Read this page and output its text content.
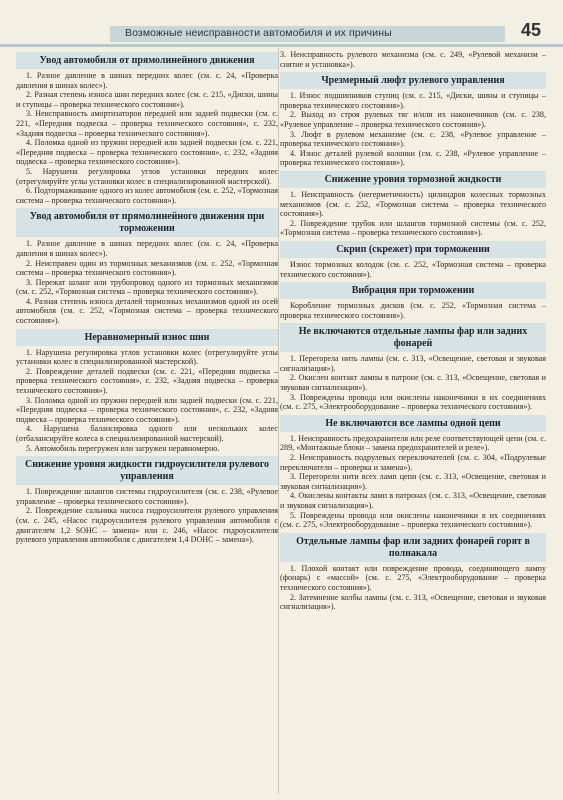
Возможные неисправности автомобиля и их причины	45
Увод автомобиля от прямолинейного движения

1. Разное давление в шинах передних колес (см. с. 24, «Проверка давления в шинах колес»).

2. Разная степень износа шин передних колес (см. с. 215, «Диски, шины и ступицы – проверка технического состояния»).

3. Неисправность амортизаторов передней или задней подвески (см. с. 221, «Передняя подвеска – проверка технического состояния», с. 232, «Задняя подвеска – проверка технического состояния»).

4. Поломка одной из пружин передней или задней подвески (см. с. 221, «Передняя подвеска – проверка технического состояния», с. 232, «Задняя подвеска – проверка технического состояния»).

5. Нарушена регулировка углов установки передних колес (отрегулируйте углы установки колес в специализированной мастерской).

6. Подтормаживание одного из колес автомобиля (см. с. 252, «Тормозная система – проверка технического состояния»).

Увод автомобиля от прямолинейного движения при торможении

1. Разное давление в шинах передних колес (см. с. 24, «Проверка давления в шинах колес»).

2. Неисправен один из тормозных механизмов (см. с. 252, «Тормозная система – проверка технического состояния»).

3. Пережат шланг или трубопровод одного из тормозных механизмов (см. с. 252, «Тормозная система – проверка технического состояния»).

4. Разная степень износа деталей тормозных механизмов одной из осей автомобиля (см. с. 252, «Тормозная система – проверка технического состояния»).

Неравномерный износ шин

1. Нарушена регулировка углов установки колес (отрегулируйте углы установки колес в специализированной мастерской).

2. Повреждение деталей подвески (см. с. 221, «Передняя подвеска – проверка технического состояния», с. 232, «Задняя подвеска – проверка технического состояния»).

3. Поломка одной из пружин передней или задней подвески (см. с. 221, «Передняя подвеска – проверка технического состояния», с. 232, «Задняя подвеска – проверка технического состояния»).

4. Нарушена балансировка одного или нескольких колес (отбалансируйте колеса в специализированной мастерской).

5. Автомобиль перегружен или загружен неравномерно.

Снижение уровня жидкости гидроусилителя рулевого управления

1. Повреждение шлангов системы гидроусилителя (см. с. 238, «Рулевое управление – проверка технического состояния»).

2. Повреждение сальника насоса гидроусилителя рулевого управления (см. с. 245, «Насос гидроусилителя рулевого управления автомобиля с двигателем 1,2 SOHC – замена» или с. 246, «Насос гидроусилителя рулевого управления автомобиля с двигателем 1,4 DOHC – замена»).

3. Неисправность рулевого механизма (см. с. 249, «Рулевой механизм – снятие и установка»).

Чрезмерный люфт рулевого управления

1. Износ подшипников ступиц (см. с. 215, «Диски, шины и ступицы – проверка технического состояния»).

2. Выход из строя рулевых тяг и/или их наконечников (см. с. 238, «Рулевое управление – проверка технического состояния»).

3. Люфт в рулевом механизме (см. с. 238, «Рулевое управление – проверка технического состояния»).

4. Износ деталей рулевой колонки (см. с. 238, «Рулевое управление – проверка технического состояния»).

Снижение уровня тормозной жидкости

1. Неисправность (негерметичность) цилиндров колесных тормозных механизмов (см. с. 252, «Тормозная система – проверка технического состояния»).

2. Повреждение трубок или шлангов тормозной системы (см. с. 252, «Тормозная система – проверка технического состояния»).

Скрип (скрежет) при торможении

Износ тормозных колодок (см. с. 252, «Тормозная система – проверка технического состояния»).

Вибрация при торможении

Коробление тормозных дисков (см. с. 252, «Тормозная система – проверка технического состояния»).

Не включаются отдельные лампы фар или задних фонарей

1. Перегорела нить лампы (см. с. 313, «Освещение, световая и звуковая сигнализация»).

2. Окислен контакт лампы в патроне (см. с. 313, «Освещение, световая и звуковая сигнализация»).

3. Повреждены провода или окислены наконечники в их соединениях (см. с. 275, «Электрооборудование – проверка технического состояния»).

Не включаются все лампы одной цепи

1. Неисправность предохранителя или реле соответствующей цепи (см. с. 289, «Монтажные блоки – замена предохранителей и реле»).

2. Неисправность подрулевых переключателей (см. с. 304, «Подрулевые переключатели – проверка и замена»).

3. Перегорели нити всех ламп цепи (см. с. 313, «Освещение, световая и звуковая сигнализация»).

4. Окислены контакты ламп в патронах (см. с. 313, «Освещение, световая и звуковая сигнализация»).

5. Повреждены провода или окислены наконечники в их соединениях (см. с. 275, «Электрооборудование – проверка технического состояния»).

Отдельные лампы фар или задних фонарей горят в полнакала

1. Плохой контакт или повреждение провода, соединяющего лампу (фонарь) с «массой» (см. с. 275, «Электрооборудование – проверка технического состояния»).

2. Затемнение колбы лампы (см. с. 313, «Освещение, световая и звуковая сигнализация»).
